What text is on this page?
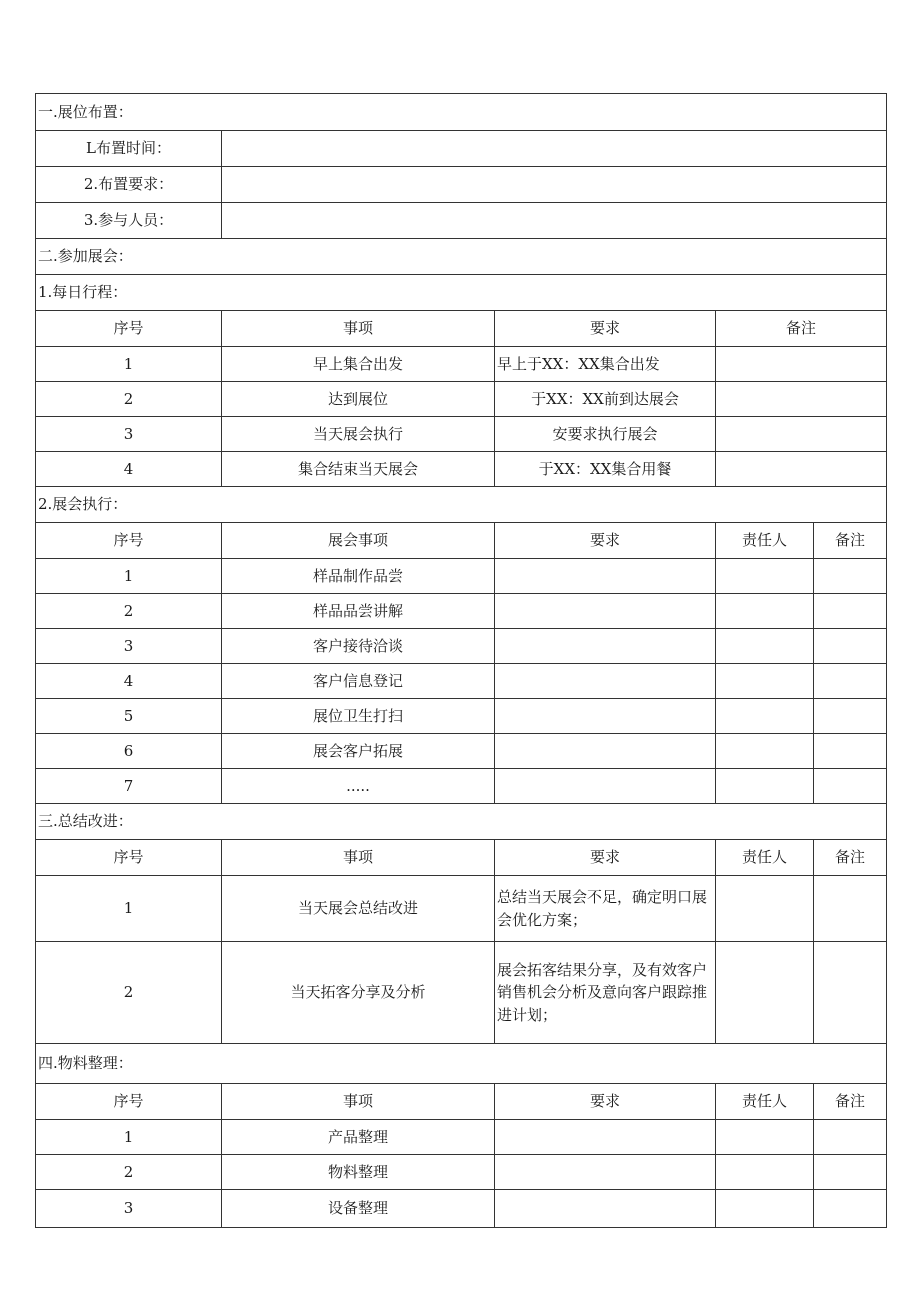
一.展位布置：				
L布置时间：				
2.布置要求：				
3.参与人员：				
二.参加展会：				
1.每日行程：				
序号	事项	要求	备注	
1	早上集合出发	早上于XX：XX集合出发		
2	达到展位	于XX：XX前到达展会		
3	当天展会执行	安要求执行展会		
4	集合结束当天展会	于XX：XX集合用餐		
2.展会执行：				
序号	展会事项	要求	责任人	备注
1	样品制作品尝			
2	样品品尝讲解			
3	客户接待洽谈			
4	客户信息登记			
5	展位卫生打扫			
6	展会客户拓展			
7	.....			
三.总结改进：				
序号	事项	要求	责任人	备注
1	当天展会总结改进	总结当天展会不足，确定明口展会优化方案；		
2	当天拓客分享及分析	展会拓客结果分享，及有效客户销售机会分析及意向客户跟踪推进计划；		
四.物料整理：				
序号	事项	要求	责任人	备注
1	产品整理			
2	物料整理			
3	设备整理			
